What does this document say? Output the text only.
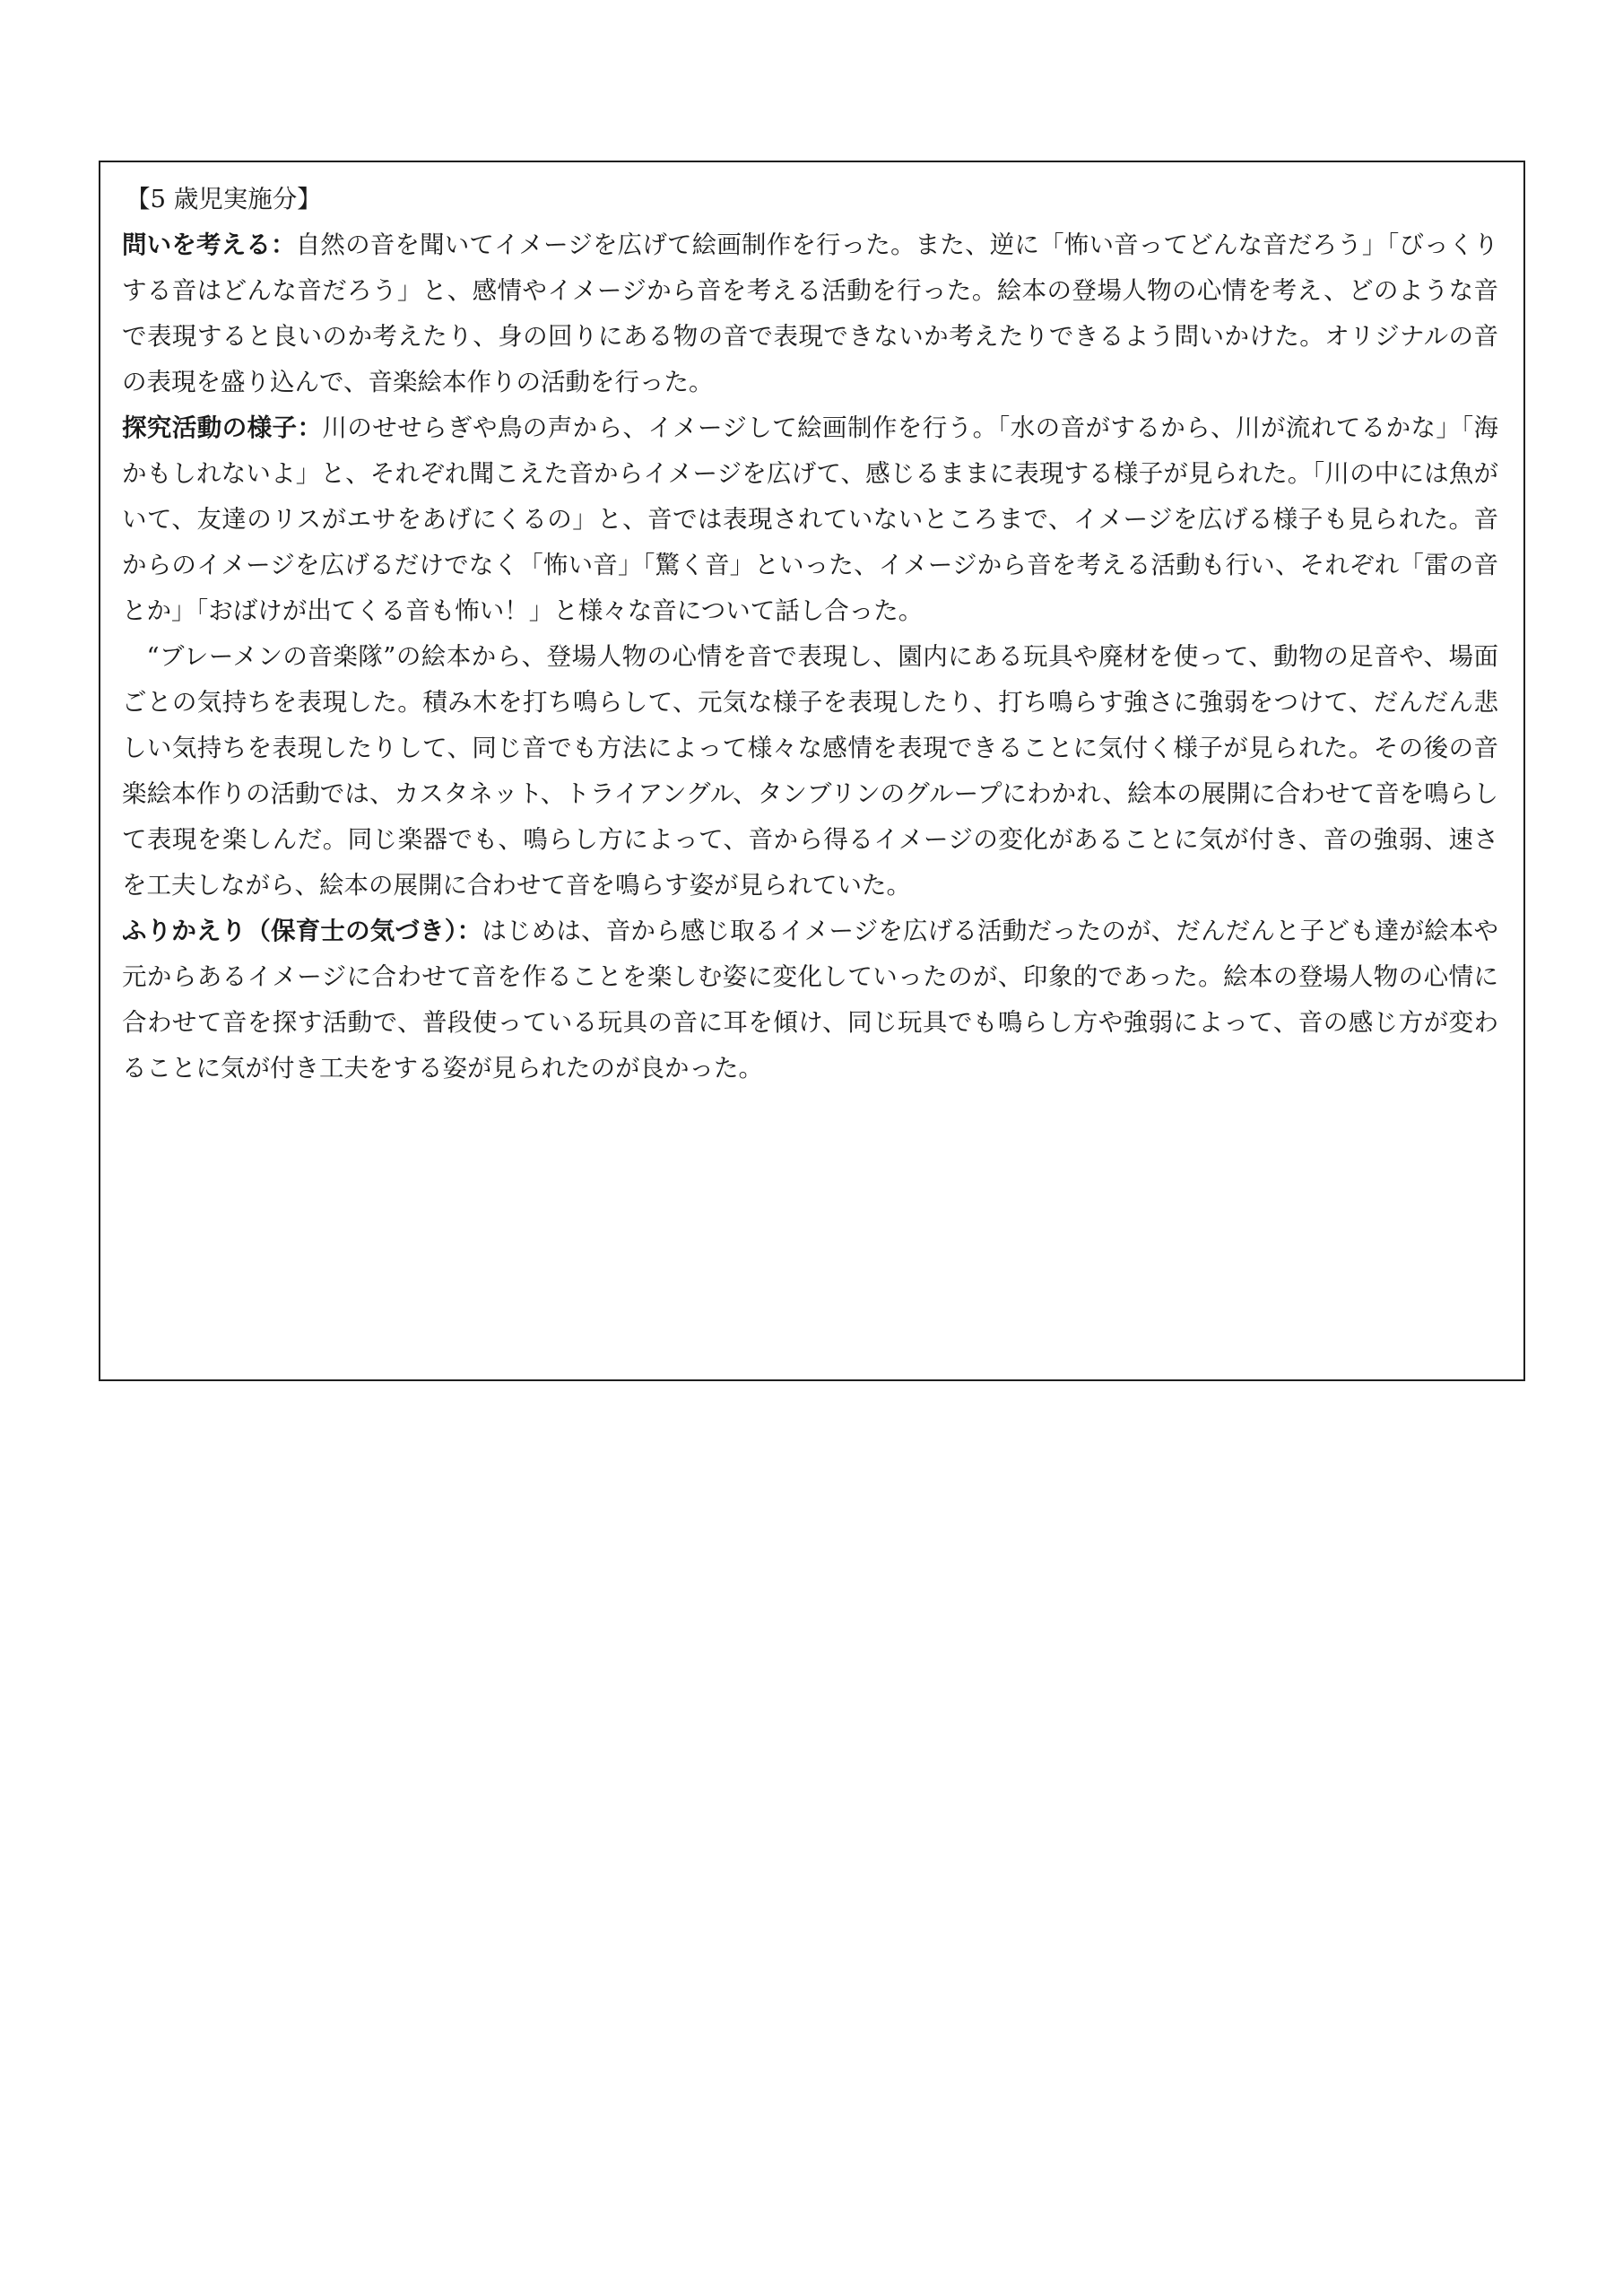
【5 歳児実施分】

問いを考える：自然の音を聞いてイメージを広げて絵画制作を行った。また、逆に「怖い音ってどんな音だろう」「びっくりする音はどんな音だろう」と、感情やイメージから音を考える活動を行った。絵本の登場人物の心情を考え、どのような音で表現すると良いのか考えたり、身の回りにある物の音で表現できないか考えたりできるよう問いかけた。オリジナルの音の表現を盛り込んで、音楽絵本作りの活動を行った。

探究活動の様子：川のせせらぎや鳥の声から、イメージして絵画制作を行う。「水の音がするから、川が流れてるかな」「海かもしれないよ」と、それぞれ聞こえた音からイメージを広げて、感じるままに表現する様子が見られた。「川の中には魚がいて、友達のリスがエサをあげにくるの」と、音では表現されていないところまで、イメージを広げる様子も見られた。音からのイメージを広げるだけでなく「怖い音」「驚く音」といった、イメージから音を考える活動も行い、それぞれ「雷の音とか」「おばけが出てくる音も怖い！」と様々な音について話し合った。

“ブレーメンの音楽隊”の絵本から、登場人物の心情を音で表現し、園内にある玩具や廃材を使って、動物の足音や、場面ごとの気持ちを表現した。積み木を打ち鳴らして、元気な様子を表現したり、打ち鳴らす強さに強弱をつけて、だんだん悲しい気持ちを表現したりして、同じ音でも方法によって様々な感情を表現できることに気付く様子が見られた。その後の音楽絵本作りの活動では、カスタネット、トライアングル、タンブリンのグループにわかれ、絵本の展開に合わせて音を鳴らして表現を楽しんだ。同じ楽器でも、鳴らし方によって、音から得るイメージの変化があることに気が付き、音の強弱、速さを工夫しながら、絵本の展開に合わせて音を鳴らす姿が見られていた。

ふりかえり（保育士の気づき）：はじめは、音から感じ取るイメージを広げる活動だったのが、だんだんと子ども達が絵本や元からあるイメージに合わせて音を作ることを楽しむ姿に変化していったのが、印象的であった。絵本の登場人物の心情に合わせて音を探す活動で、普段使っている玩具の音に耳を傾け、同じ玩具でも鳴らし方や強弱によって、音の感じ方が変わることに気が付き工夫をする姿が見られたのが良かった。
